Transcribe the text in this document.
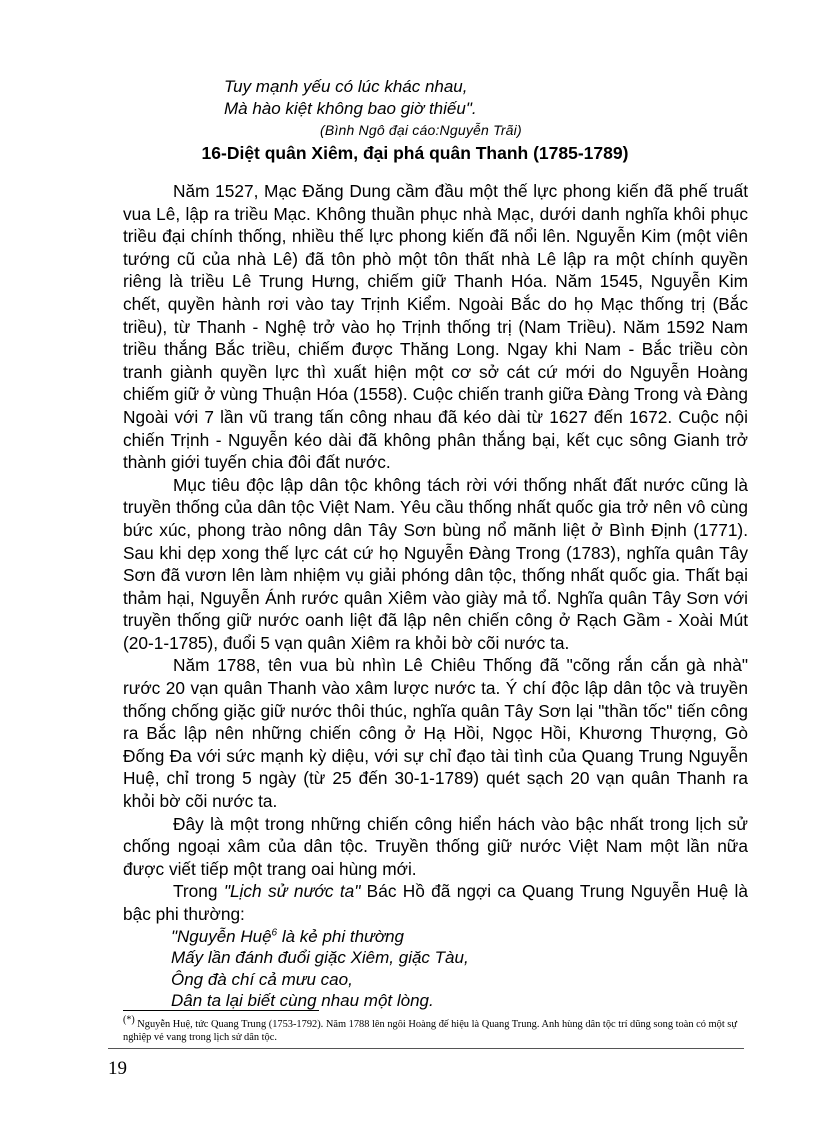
Tuy mạnh yếu có lúc khác nhau,
Mà hào kiệt không bao giờ thiếu".
(Bình Ngô đại cáo:Nguyễn Trãi)
16-Diệt quân Xiêm, đại phá quân Thanh (1785-1789)

Năm 1527, Mạc Đăng Dung cầm đầu một thế lực phong kiến đã phế truất vua Lê, lập ra triều Mạc. Không thuần phục nhà Mạc, dưới danh nghĩa khôi phục triều đại chính thống, nhiều thế lực phong kiến đã nổi lên. Nguyễn Kim (một viên tướng cũ của nhà Lê) đã tôn phò một tôn thất nhà Lê lập ra một chính quyền riêng là triều Lê Trung Hưng, chiếm giữ Thanh Hóa. Năm 1545, Nguyễn Kim chết, quyền hành rơi vào tay Trịnh Kiểm. Ngoài Bắc do họ Mạc thống trị (Bắc triều), từ Thanh - Nghệ trở vào họ Trịnh thống trị (Nam Triều). Năm 1592 Nam triều thắng Bắc triều, chiếm được Thăng Long. Ngay khi Nam - Bắc triều còn tranh giành quyền lực thì xuất hiện một cơ sở cát cứ mới do Nguyễn Hoàng chiếm giữ ở vùng Thuận Hóa (1558). Cuộc chiến tranh giữa Đàng Trong và Đàng Ngoài với 7 lần vũ trang tấn công nhau đã kéo dài từ 1627 đến 1672. Cuộc nội chiến Trịnh - Nguyễn kéo dài đã không phân thắng bại, kết cục sông Gianh trở thành giới tuyến chia đôi đất nước.

Mục tiêu độc lập dân tộc không tách rời với thống nhất đất nước cũng là truyền thống của dân tộc Việt Nam. Yêu cầu thống nhất quốc gia trở nên vô cùng bức xúc, phong trào nông dân Tây Sơn bùng nổ mãnh liệt ở Bình Định (1771). Sau khi dẹp xong thế lực cát cứ họ Nguyễn Đàng Trong (1783), nghĩa quân Tây Sơn đã vươn lên làm nhiệm vụ giải phóng dân tộc, thống nhất quốc gia. Thất bại thảm hại, Nguyễn Ánh rước quân Xiêm vào giày mả tổ. Nghĩa quân Tây Sơn với truyền thống giữ nước oanh liệt đã lập nên chiến công ở Rạch Gầm - Xoài Mút (20-1-1785), đuổi 5 vạn quân Xiêm ra khỏi bờ cõi nước ta.

Năm 1788, tên vua bù nhìn Lê Chiêu Thống đã "cõng rắn cắn gà nhà" rước 20 vạn quân Thanh vào xâm lược nước ta. Ý chí độc lập dân tộc và truyền thống chống giặc giữ nước thôi thúc, nghĩa quân Tây Sơn lại "thần tốc" tiến công ra Bắc lập nên những chiến công ở Hạ Hồi, Ngọc Hồi, Khương Thượng, Gò Đống Đa với sức mạnh kỳ diệu, với sự chỉ đạo tài tình của Quang Trung Nguyễn Huệ, chỉ trong 5 ngày (từ 25 đến 30-1-1789) quét sạch 20 vạn quân Thanh ra khỏi bờ cõi nước ta.

Đây là một trong những chiến công hiển hách vào bậc nhất trong lịch sử chống ngoại xâm của dân tộc. Truyền thống giữ nước Việt Nam một lần nữa được viết tiếp một trang oai hùng mới.

Trong "Lịch sử nước ta" Bác Hồ đã ngợi ca Quang Trung Nguyễn Huệ là bậc phi thường:

"Nguyễn Huệ$^6$ là kẻ phi thường
Mấy lần đánh đuổi giặc Xiêm, giặc Tàu,
Ông đà chí cả mưu cao,
Dân ta lại biết cùng nhau một lòng.
(*) Nguyễn Huệ, tức Quang Trung (1753-1792). Năm 1788 lên ngôi Hoàng đế hiệu là Quang Trung. Anh hùng dân tộc trí dũng song toàn có một sự nghiệp vẻ vang trong lịch sử dân tộc.
19
